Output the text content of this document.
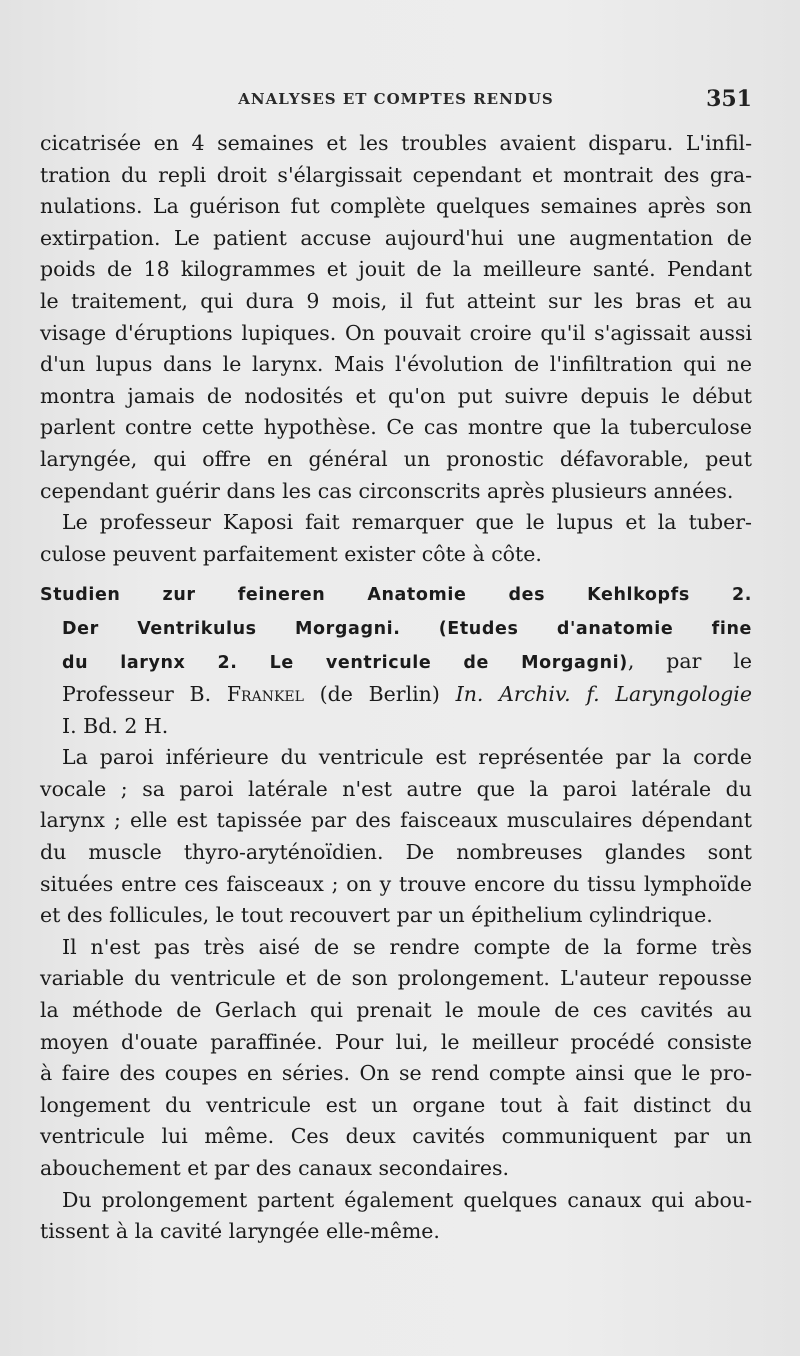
ANALYSES ET COMPTES RENDUS	351
cicatrisée en 4 semaines et les troubles avaient disparu. L'infil-
tration du repli droit s'élargissait cependant et montrait des gra-
nulations. La guérison fut complète quelques semaines après son
extirpation. Le patient accuse aujourd'hui une augmentation de
poids de 18 kilogrammes et jouit de la meilleure santé. Pendant
le traitement, qui dura 9 mois, il fut atteint sur les bras et au
visage d'éruptions lupiques. On pouvait croire qu'il s'agissait aussi
d'un lupus dans le larynx. Mais l'évolution de l'infiltration qui ne
montra jamais de nodosités et qu'on put suivre depuis le début
parlent contre cette hypothèse. Ce cas montre que la tuberculose
laryngée, qui offre en général un pronostic défavorable, peut
cependant guérir dans les cas circonscrits après plusieurs années.
Le professeur Kaposi fait remarquer que le lupus et la tuber-
culose peuvent parfaitement exister côte à côte.
Studien zur feineren Anatomie des Kehlkopfs 2.
Der Ventrikulus Morgagni. (Etudes d'anatomie fine
du larynx 2. Le ventricule de Morgagni), par le
Professeur B. Frankel (de Berlin) In. Archiv. f. Laryngologie
I. Bd. 2 H.
La paroi inférieure du ventricule est représentée par la corde
vocale ; sa paroi latérale n'est autre que la paroi latérale du
larynx ; elle est tapissée par des faisceaux musculaires dépendant
du muscle thyro-aryténoïdien. De nombreuses glandes sont
situées entre ces faisceaux ; on y trouve encore du tissu lymphoïde
et des follicules, le tout recouvert par un épithelium cylindrique.
Il n'est pas très aisé de se rendre compte de la forme très
variable du ventricule et de son prolongement. L'auteur repousse
la méthode de Gerlach qui prenait le moule de ces cavités au
moyen d'ouate paraffinée. Pour lui, le meilleur procédé consiste
à faire des coupes en séries. On se rend compte ainsi que le pro-
longement du ventricule est un organe tout à fait distinct du
ventricule lui même. Ces deux cavités communiquent par un
abouchement et par des canaux secondaires.
Du prolongement partent également quelques canaux qui abou-
tissent à la cavité laryngée elle-même.
